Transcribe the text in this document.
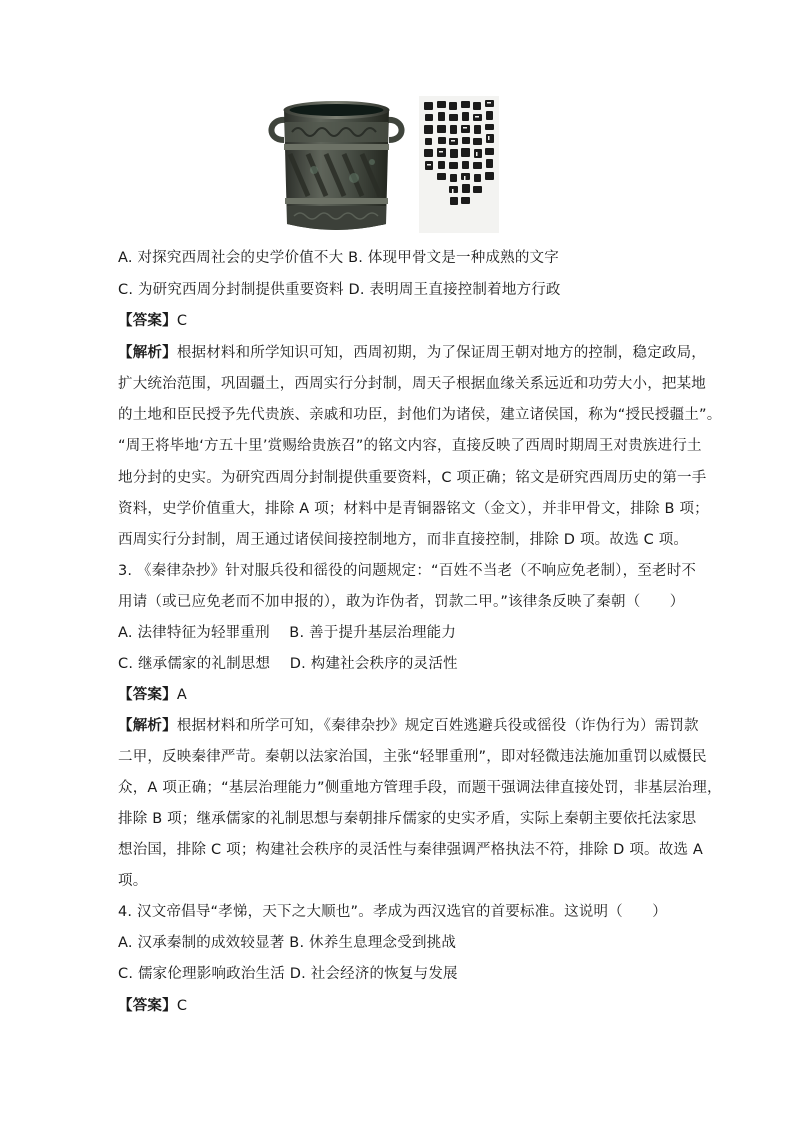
A. 对探究西周社会的史学价值不大 B. 体现甲骨文是一种成熟的文字
C. 为研究西周分封制提供重要资料 D. 表明周王直接控制着地方行政
【答案】C
【解析】根据材料和所学知识可知，西周初期，为了保证周王朝对地方的控制，稳定政局，
扩大统治范围，巩固疆土，西周实行分封制，周天子根据血缘关系远近和功劳大小，把某地
的土地和臣民授予先代贵族、亲戚和功臣，封他们为诸侯，建立诸侯国，称为“授民授疆土”。
“周王将毕地‘方五十里’赏赐给贵族召”的铭文内容，直接反映了西周时期周王对贵族进行土
地分封的史实。为研究西周分封制提供重要资料，C 项正确；铭文是研究西周历史的第一手
资料，史学价值重大，排除 A 项；材料中是青铜器铭文（金文），并非甲骨文，排除 B 项；
西周实行分封制，周王通过诸侯间接控制地方，而非直接控制，排除 D 项。故选 C 项。
3. 《秦律杂抄》针对服兵役和徭役的问题规定：“百姓不当老（不响应免老制），至老时不
用请（或已应免老而不加申报的），敢为诈伪者，罚款二甲。”该律条反映了秦朝（　　）
A. 法律特征为轻罪重刑　 B. 善于提升基层治理能力
C. 继承儒家的礼制思想　 D. 构建社会秩序的灵活性
【答案】A
【解析】根据材料和所学可知，《秦律杂抄》规定百姓逃避兵役或徭役（诈伪行为）需罚款
二甲，反映秦律严苛。秦朝以法家治国，主张“轻罪重刑”，即对轻微违法施加重罚以威慑民
众，A 项正确；“基层治理能力”侧重地方管理手段，而题干强调法律直接处罚，非基层治理，
排除 B 项；继承儒家的礼制思想与秦朝排斥儒家的史实矛盾，实际上秦朝主要依托法家思
想治国，排除 C 项；构建社会秩序的灵活性与秦律强调严格执法不符，排除 D 项。故选 A
项。
4. 汉文帝倡导“孝悌，天下之大顺也”。孝成为西汉选官的首要标准。这说明（　　）
A. 汉承秦制的成效较显著 B. 休养生息理念受到挑战
C. 儒家伦理影响政治生活 D. 社会经济的恢复与发展
【答案】C
